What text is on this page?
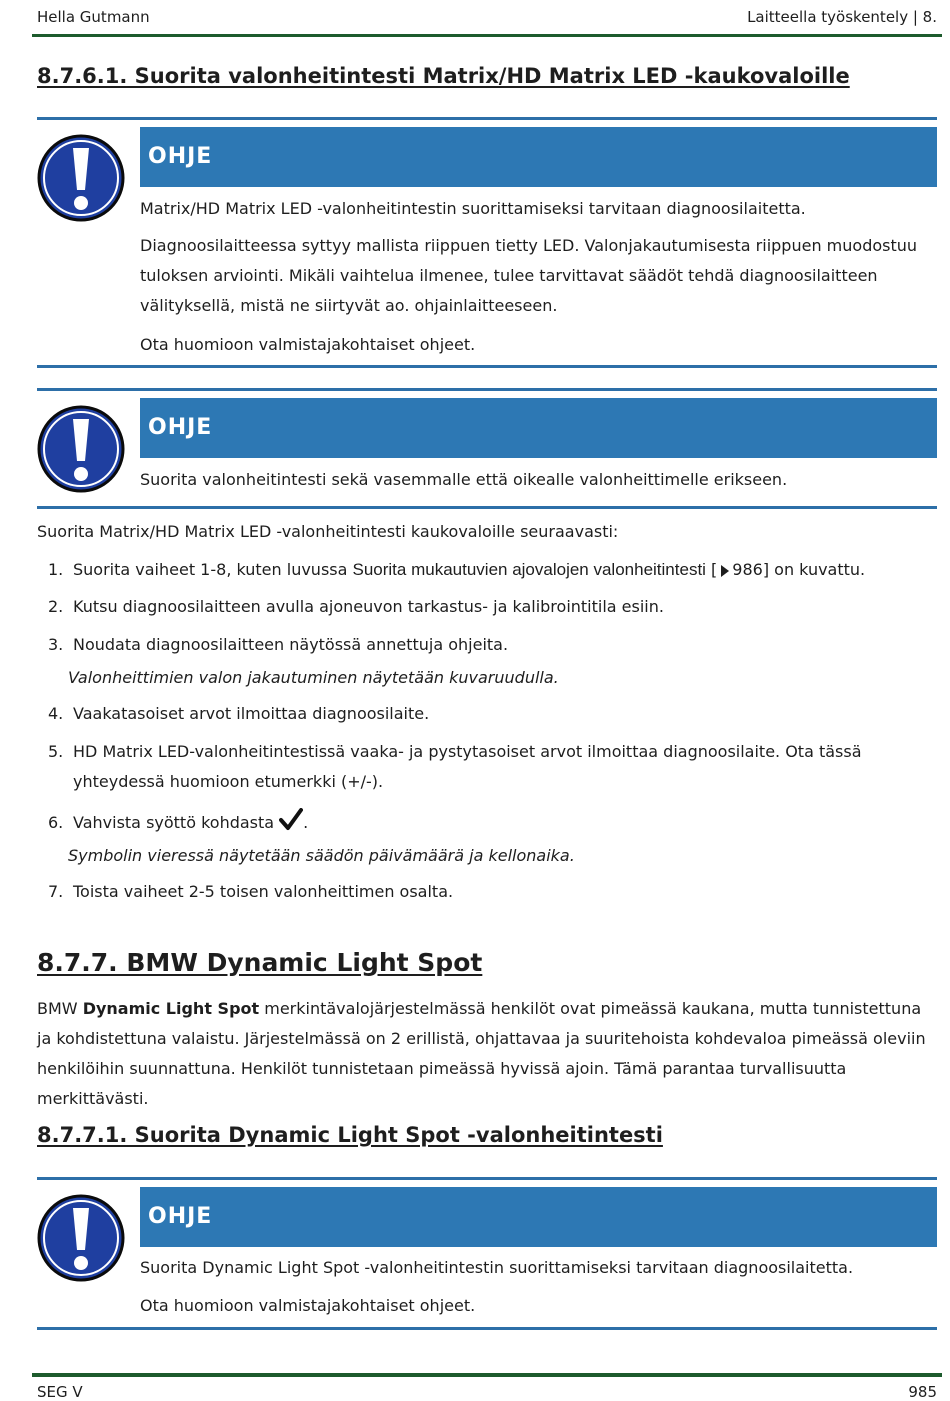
Hella Gutmann	Laitteella työskentely | 8.
8.7.6.1. Suorita valonheitintesti Matrix/HD Matrix LED -kaukovaloille
OHJE

Matrix/HD Matrix LED -valonheitintestin suorittamiseksi tarvitaan diagnoosilaitetta.

Diagnoosilaitteessa syttyy mallista riippuen tietty LED. Valonjakautumisesta riippuen muodostuu tuloksen arviointi. Mikäli vaihtelua ilmenee, tulee tarvittavat säädöt tehdä diagnoosilaitteen välityksellä, mistä ne siirtyvät ao. ohjainlaitteeseen.

Ota huomioon valmistajakohtaiset ohjeet.

OHJE

Suorita valonheitintesti sekä vasemmalle että oikealle valonheittimelle erikseen.

Suorita Matrix/HD Matrix LED -valonheitintesti kaukovaloille seuraavasti:

1. Suorita vaiheet 1-8, kuten luvussa Suorita mukautuvien ajovalojen valonheitintesti [ 986] on kuvattu.
2. Kutsu diagnoosilaitteen avulla ajoneuvon tarkastus- ja kalibrointitila esiin.
3. Noudata diagnoosilaitteen näytössä annettuja ohjeita.
Valonheittimien valon jakautuminen näytetään kuvaruudulla.
4. Vaakatasoiset arvot ilmoittaa diagnoosilaite.
5. HD Matrix LED-valonheitintestissä vaaka- ja pystytasoiset arvot ilmoittaa diagnoosilaite. Ota tässä yhteydessä huomioon etumerkki (+/-).
6. Vahvista syöttö kohdasta .
Symbolin vieressä näytetään säädön päivämäärä ja kellonaika.
7. Toista vaiheet 2-5 toisen valonheittimen osalta.
8.7.7. BMW Dynamic Light Spot

BMW Dynamic Light Spot merkintävalojärjestelmässä henkilöt ovat pimeässä kaukana, mutta tunnistettuna ja kohdistettuna valaistu. Järjestelmässä on 2 erillistä, ohjattavaa ja suuritehoista kohdevaloa pimeässä oleviin henkilöihin suunnattuna. Henkilöt tunnistetaan pimeässä hyvissä ajoin. Tämä parantaa turvallisuutta merkittävästi.

8.7.7.1. Suorita Dynamic Light Spot -valonheitintesti
OHJE

Suorita Dynamic Light Spot -valonheitintestin suorittamiseksi tarvitaan diagnoosilaitetta.

Ota huomioon valmistajakohtaiset ohjeet.

SEG V	985
